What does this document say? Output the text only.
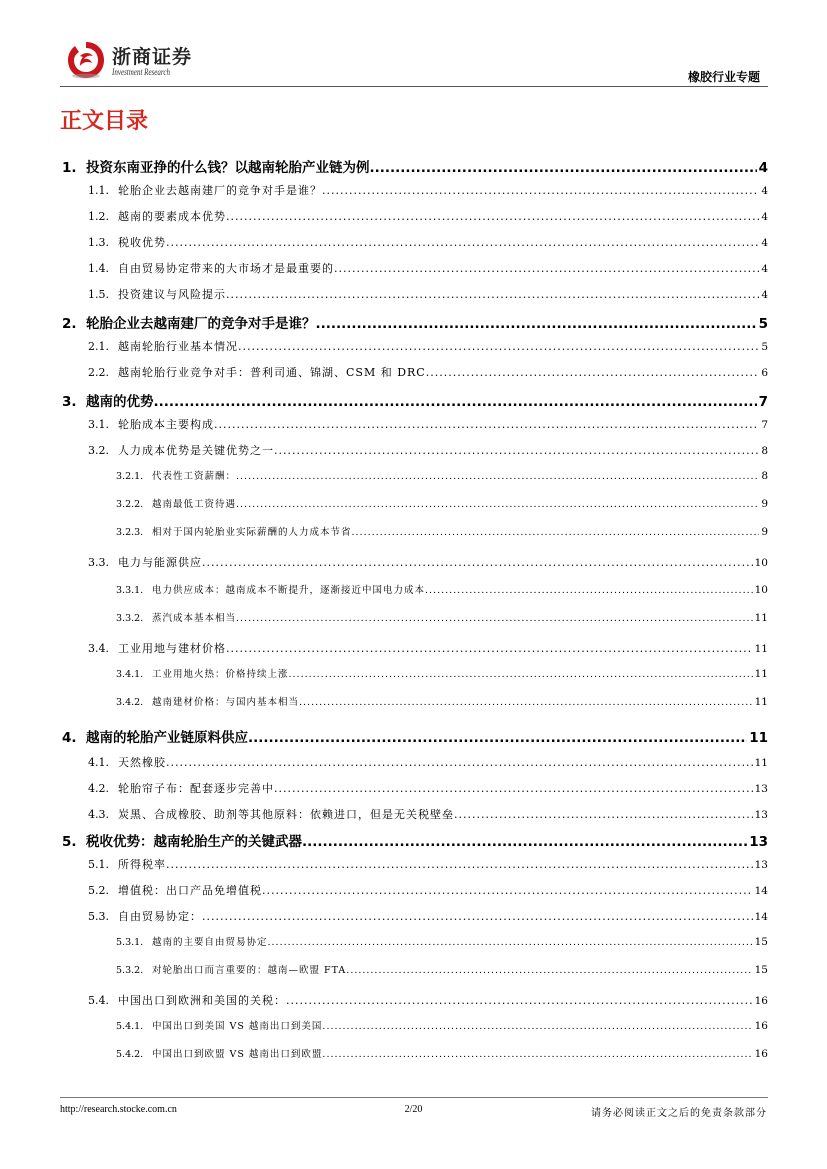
浙商证券
Investment Research	橡胶行业专题
正文目录
1. 投资东南亚挣的什么钱？以越南轮胎产业链为例 .....	4
1.1. 轮胎企业去越南建厂的竞争对手是谁？ .....	4
1.2. 越南的要素成本优势 .....	4
1.3. 税收优势 .....	4
1.4. 自由贸易协定带来的大市场才是最重要的 .....	4
1.5. 投资建议与风险提示 .....	4
2. 轮胎企业去越南建厂的竞争对手是谁？ .....	5
2.1. 越南轮胎行业基本情况 .....	5
2.2. 越南轮胎行业竞争对手：普利司通、锦湖、CSM 和 DRC .....	6
3. 越南的优势 .....	7
3.1. 轮胎成本主要构成 .....	7
3.2. 人力成本优势是关键优势之一 .....	8
3.2.1. 代表性工资薪酬： .....	8
3.2.2. 越南最低工资待遇 .....	9
3.2.3. 相对于国内轮胎业实际薪酬的人力成本节省 .....	9
3.3. 电力与能源供应 .....	10
3.3.1. 电力供应成本：越南成本不断提升，逐渐接近中国电力成本 .....	10
3.3.2. 蒸汽成本基本相当 .....	11
3.4. 工业用地与建材价格 .....	11
3.4.1. 工业用地火热：价格持续上涨 .....	11
3.4.2. 越南建材价格：与国内基本相当 .....	11
4. 越南的轮胎产业链原料供应 .....	11
4.1. 天然橡胶 .....	11
4.2. 轮胎帘子布：配套逐步完善中 .....	13
4.3. 炭黑、合成橡胶、助剂等其他原料：依赖进口，但是无关税壁垒 .....	13
5. 税收优势：越南轮胎生产的关键武器 .....	13
5.1. 所得税率 .....	13
5.2. 增值税：出口产品免增值税 .....	14
5.3. 自由贸易协定： .....	14
5.3.1. 越南的主要自由贸易协定 .....	15
5.3.2. 对轮胎出口而言重要的：越南—欧盟 FTA .....	15
5.4. 中国出口到欧洲和美国的关税： .....	16
5.4.1. 中国出口到美国 VS 越南出口到美国 .....	16
5.4.2. 中国出口到欧盟 VS 越南出口到欧盟 .....	16
http://research.stocke.com.cn	2/20	请务必阅读正文之后的免责条款部分
